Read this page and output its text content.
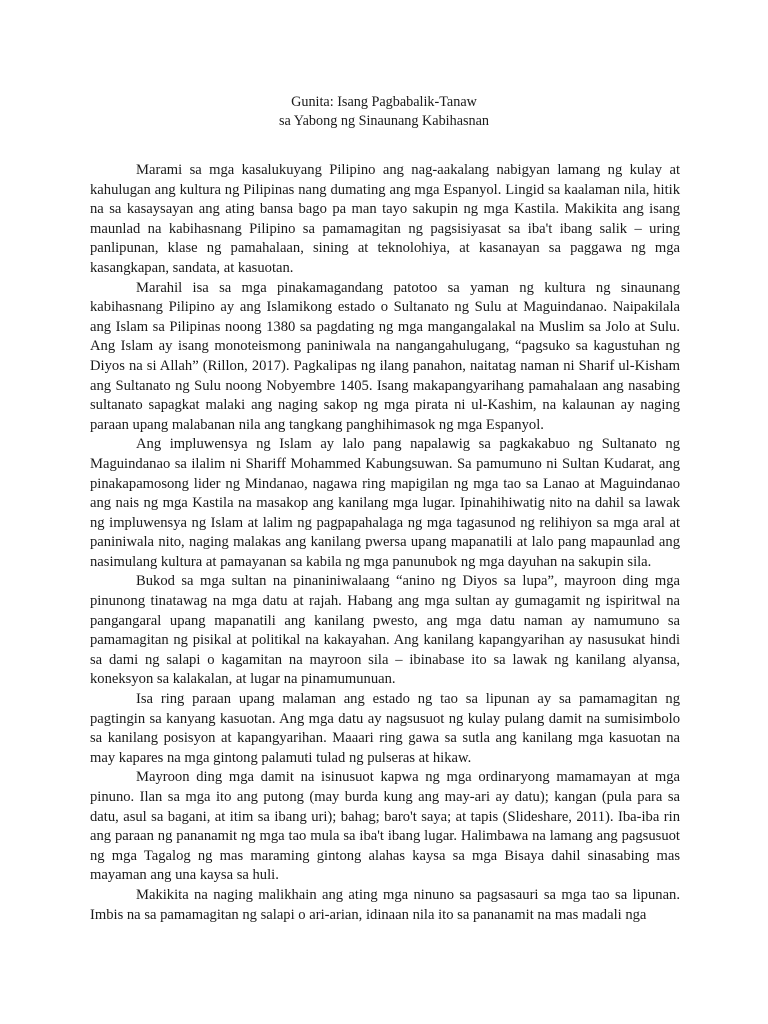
Gunita: Isang Pagbabalik-Tanaw
sa Yabong ng Sinaunang Kabihasnan

Marami sa mga kasalukuyang Pilipino ang nag-aakalang nabigyan lamang ng kulay at kahulugan ang kultura ng Pilipinas nang dumating ang mga Espanyol. Lingid sa kaalaman nila, hitik na sa kasaysayan ang ating bansa bago pa man tayo sakupin ng mga Kastila. Makikita ang isang maunlad na kabihasnang Pilipino sa pamamagitan ng pagsisiyasat sa iba't ibang salik – uring panlipunan, klase ng pamahalaan, sining at teknolohiya, at kasanayan sa paggawa ng mga kasangkapan, sandata, at kasuotan.

Marahil isa sa mga pinakamagandang patotoo sa yaman ng kultura ng sinaunang kabihasnang Pilipino ay ang Islamikong estado o Sultanato ng Sulu at Maguindanao. Naipakilala ang Islam sa Pilipinas noong 1380 sa pagdating ng mga mangangalakal na Muslim sa Jolo at Sulu. Ang Islam ay isang monoteismong paniniwala na nangangahulugang, “pagsuko sa kagustuhan ng Diyos na si Allah” (Rillon, 2017). Pagkalipas ng ilang panahon, naitatag naman ni Sharif ul-Kisham ang Sultanato ng Sulu noong Nobyembre 1405. Isang makapangyarihang pamahalaan ang nasabing sultanato sapagkat malaki ang naging sakop ng mga pirata ni ul-Kashim, na kalaunan ay naging paraan upang malabanan nila ang tangkang panghihimasok ng mga Espanyol.

Ang impluwensya ng Islam ay lalo pang napalawig sa pagkakabuo ng Sultanato ng Maguindanao sa ilalim ni Shariff Mohammed Kabungsuwan. Sa pamumuno ni Sultan Kudarat, ang pinakapamosong lider ng Mindanao, nagawa ring mapigilan ng mga tao sa Lanao at Maguindanao ang nais ng mga Kastila na masakop ang kanilang mga lugar. Ipinahihiwatig nito na dahil sa lawak ng impluwensya ng Islam at lalim ng pagpapahalaga ng mga tagasunod ng relihiyon sa mga aral at paniniwala nito, naging malakas ang kanilang pwersa upang mapanatili at lalo pang mapaunlad ang nasimulang kultura at pamayanan sa kabila ng mga panunubok ng mga dayuhan na sakupin sila.

Bukod sa mga sultan na pinaniniwalaang “anino ng Diyos sa lupa”, mayroon ding mga pinunong tinatawag na mga datu at rajah. Habang ang mga sultan ay gumagamit ng ispiritwal na pangangaral upang mapanatili ang kanilang pwesto, ang mga datu naman ay namumuno sa pamamagitan ng pisikal at politikal na kakayahan. Ang kanilang kapangyarihan ay nasusukat hindi sa dami ng salapi o kagamitan na mayroon sila – ibinabase ito sa lawak ng kanilang alyansa, koneksyon sa kalakalan, at lugar na pinamumunuan.

Isa ring paraan upang malaman ang estado ng tao sa lipunan ay sa pamamagitan ng pagtingin sa kanyang kasuotan. Ang mga datu ay nagsusuot ng kulay pulang damit na sumisimbolo sa kanilang posisyon at kapangyarihan. Maaari ring gawa sa sutla ang kanilang mga kasuotan na may kapares na mga gintong palamuti tulad ng pulseras at hikaw.

Mayroon ding mga damit na isinusuot kapwa ng mga ordinaryong mamamayan at mga pinuno. Ilan sa mga ito ang putong (may burda kung ang may-ari ay datu); kangan (pula para sa datu, asul sa bagani, at itim sa ibang uri); bahag; baro't saya; at tapis (Slideshare, 2011). Iba-iba rin ang paraan ng pananamit ng mga tao mula sa iba't ibang lugar. Halimbawa na lamang ang pagsusuot ng mga Tagalog ng mas maraming gintong alahas kaysa sa mga Bisaya dahil sinasabing mas mayaman ang una kaysa sa huli.

Makikita na naging malikhain ang ating mga ninuno sa pagsasauri sa mga tao sa lipunan. Imbis na sa pamamagitan ng salapi o ari-arian, idinaan nila ito sa pananamit na mas madali nga
